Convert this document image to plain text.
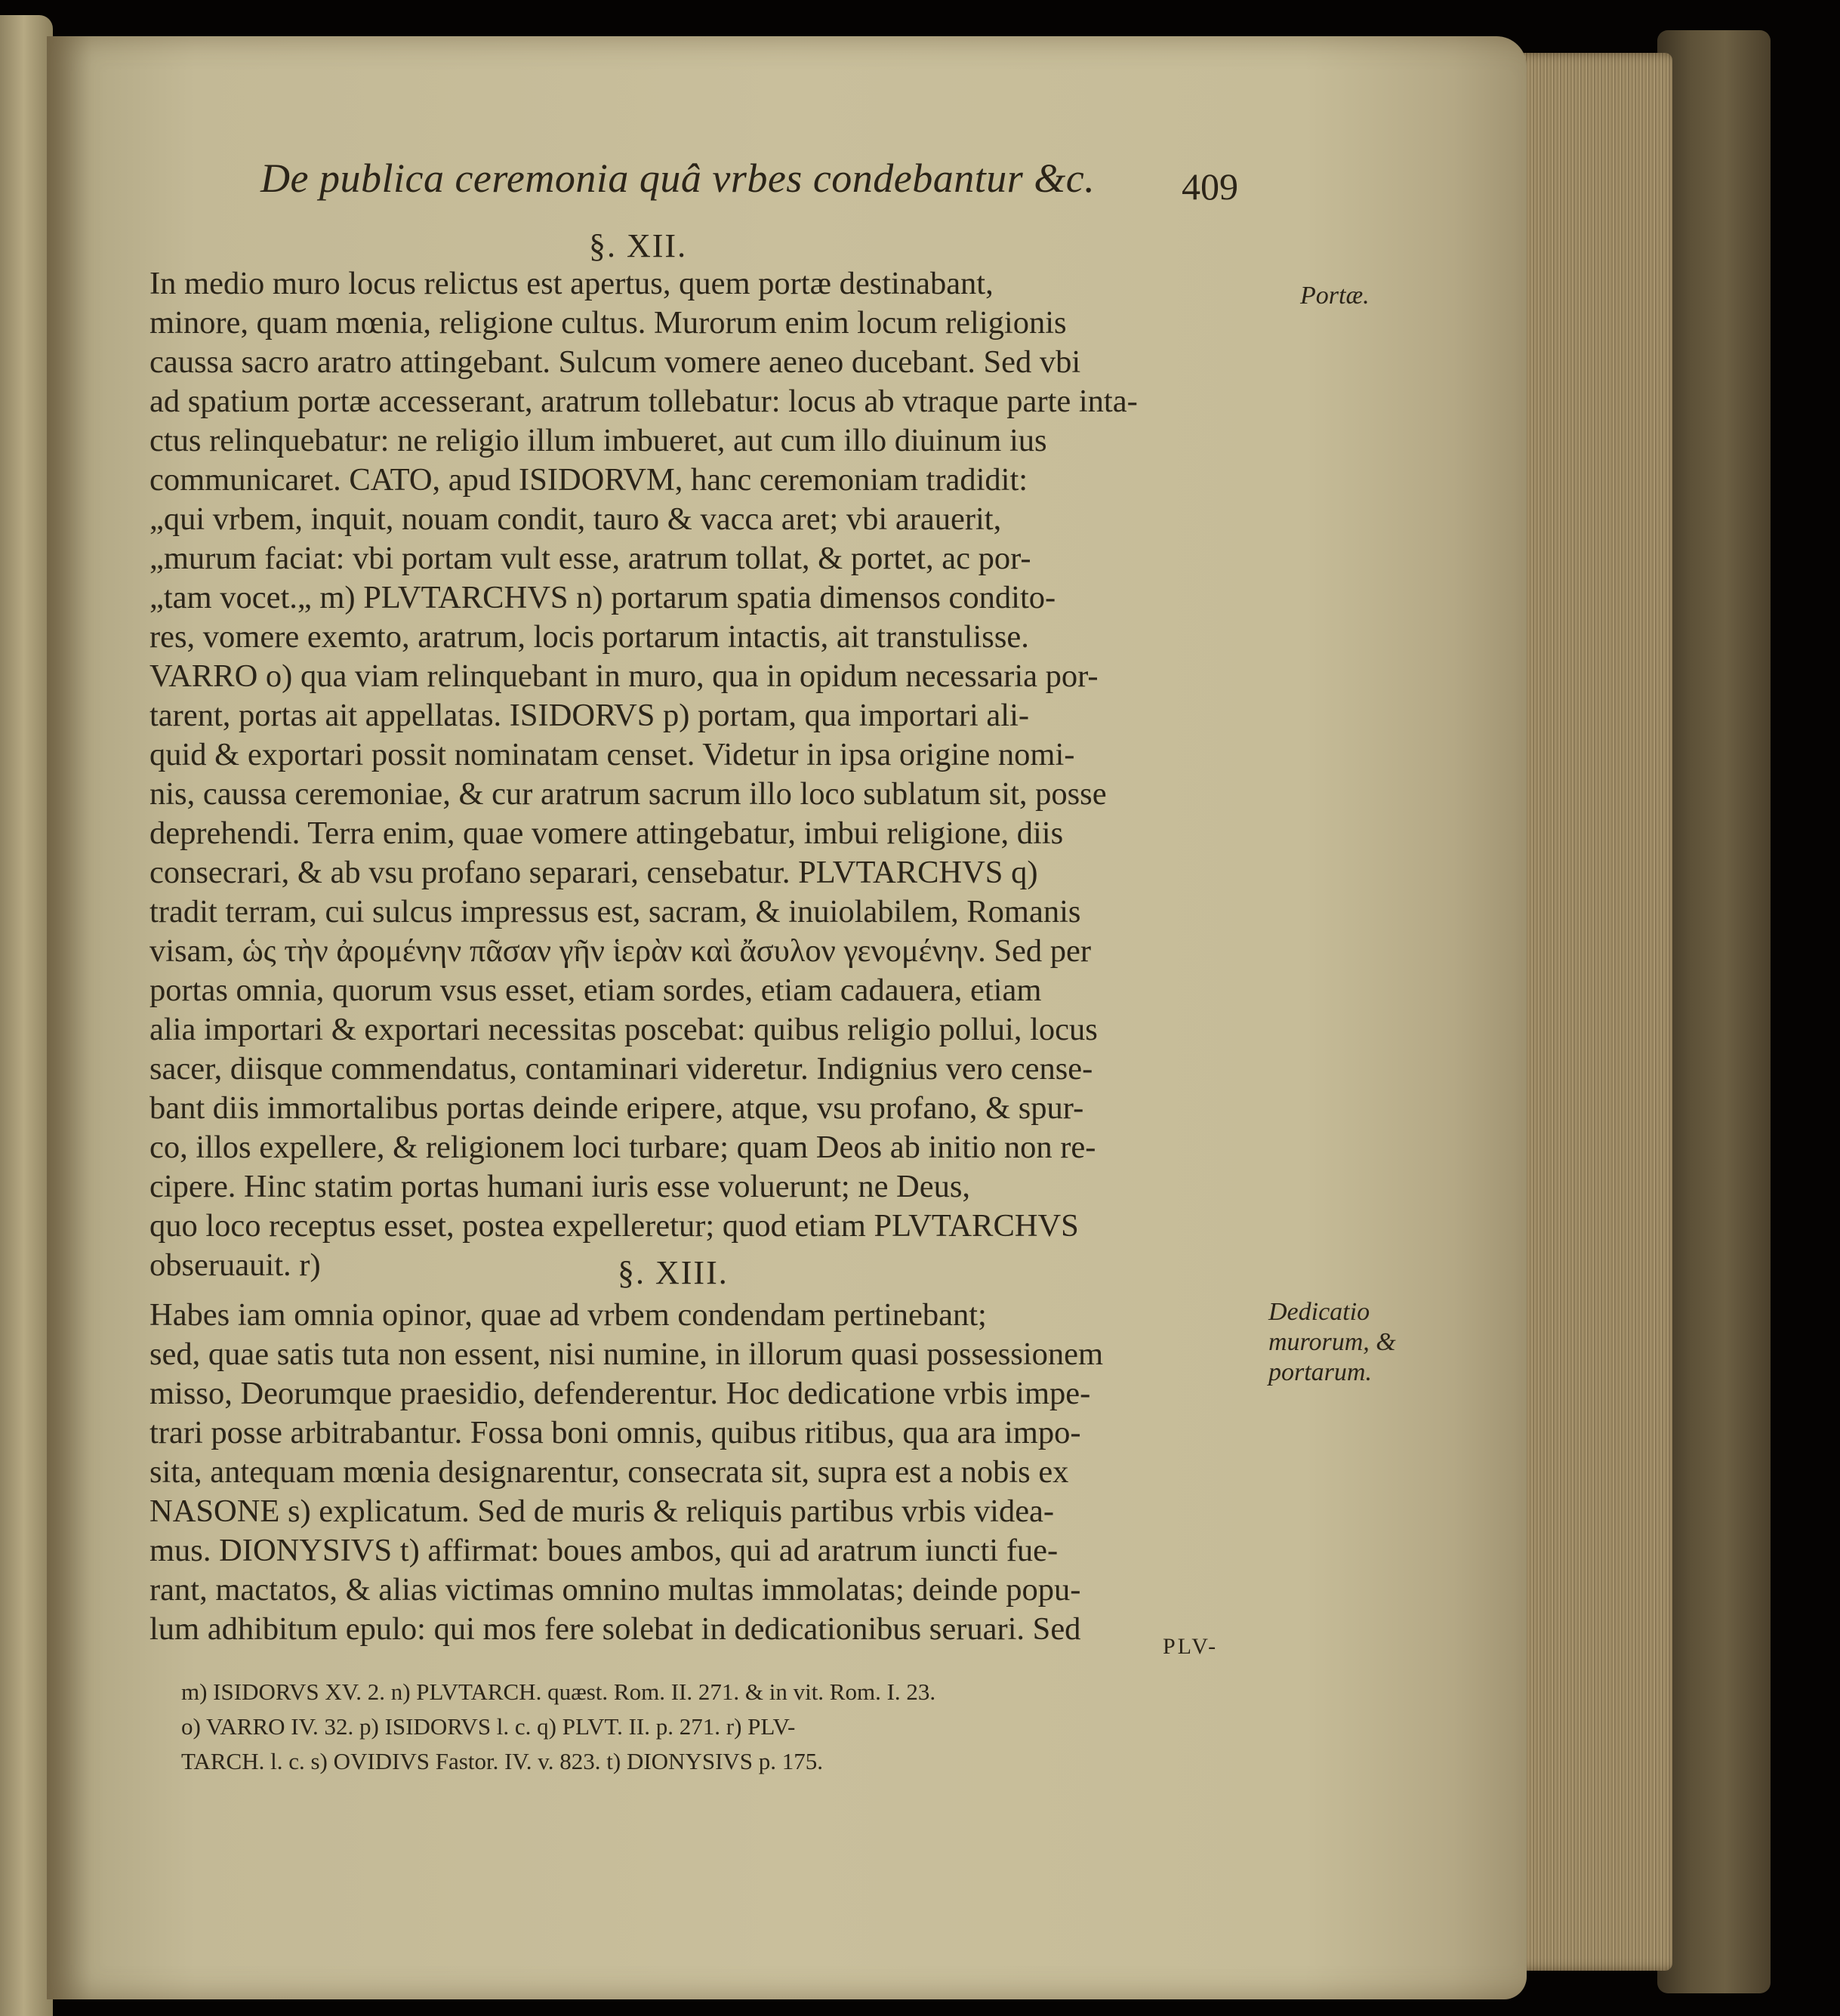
De publica ceremonia quâ vrbes condebantur &c. 409
§. XII.
Portæ.
In medio muro locus relictus est apertus, quem portæ destinabant,
minore, quam mœnia, religione cultus. Murorum enim locum religionis
caussa sacro aratro attingebant. Sulcum vomere aeneo ducebant. Sed vbi
ad spatium portæ accesserant, aratrum tollebatur: locus ab vtraque parte inta-
ctus relinquebatur: ne religio illum imbueret, aut cum illo diuinum ius
communicaret. CATO, apud ISIDORVM, hanc ceremoniam tradidit:
„qui vrbem, inquit, nouam condit, tauro & vacca aret; vbi arauerit,
„murum faciat: vbi portam vult esse, aratrum tollat, & portet, ac por-
„tam vocet.„ m) PLVTARCHVS n) portarum spatia dimensos condito-
res, vomere exemto, aratrum, locis portarum intactis, ait transtulisse.
VARRO o) qua viam relinquebant in muro, qua in opidum necessaria por-
tarent, portas ait appellatas. ISIDORVS p) portam, qua importari ali-
quid & exportari possit nominatam censet. Videtur in ipsa origine nomi-
nis, caussa ceremoniae, & cur aratrum sacrum illo loco sublatum sit, posse
deprehendi. Terra enim, quae vomere attingebatur, imbui religione, diis
consecrari, & ab vsu profano separari, censebatur. PLVTARCHVS q)
tradit terram, cui sulcus impressus est, sacram, & inuiolabilem, Romanis
visam, ὡς τὴν ἀρομένην πᾶσαν γῆν ἱερὰν καὶ ἄσυλον γενομένην. Sed per
portas omnia, quorum vsus esset, etiam sordes, etiam cadauera, etiam
alia importari & exportari necessitas poscebat: quibus religio pollui, locus
sacer, diisque commendatus, contaminari videretur. Indignius vero cense-
bant diis immortalibus portas deinde eripere, atque, vsu profano, & spur-
co, illos expellere, & religionem loci turbare; quam Deos ab initio non re-
cipere. Hinc statim portas humani iuris esse voluerunt; ne Deus,
quo loco receptus esset, postea expelleretur; quod etiam PLVTARCHVS
obseruauit. r)	§. XIII.
Dedicatio
murorum, &
portarum.
Habes iam omnia opinor, quae ad vrbem condendam pertinebant;
sed, quae satis tuta non essent, nisi numine, in illorum quasi possessionem
misso, Deorumque praesidio, defenderentur. Hoc dedicatione vrbis impe-
trari posse arbitrabantur. Fossa boni omnis, quibus ritibus, qua ara impo-
sita, antequam mœnia designarentur, consecrata sit, supra est a nobis ex
NASONE s) explicatum. Sed de muris & reliquis partibus vrbis videa-
mus. DIONYSIVS t) affirmat: boues ambos, qui ad aratrum iuncti fue-
rant, mactatos, & alias victimas omnino multas immolatas; deinde popu-
lum adhibitum epulo: qui mos fere solebat in dedicationibus seruari. Sed	PLV-
m) ISIDORVS XV. 2. n) PLVTARCH. quæst. Rom. II. 271. & in vit. Rom. I. 23.
o) VARRO IV. 32. p) ISIDORVS l. c. q) PLVT. II. p. 271. r) PLV-
TARCH. l. c. s) OVIDIVS Fastor. IV. v. 823. t) DIONYSIVS p. 175.
